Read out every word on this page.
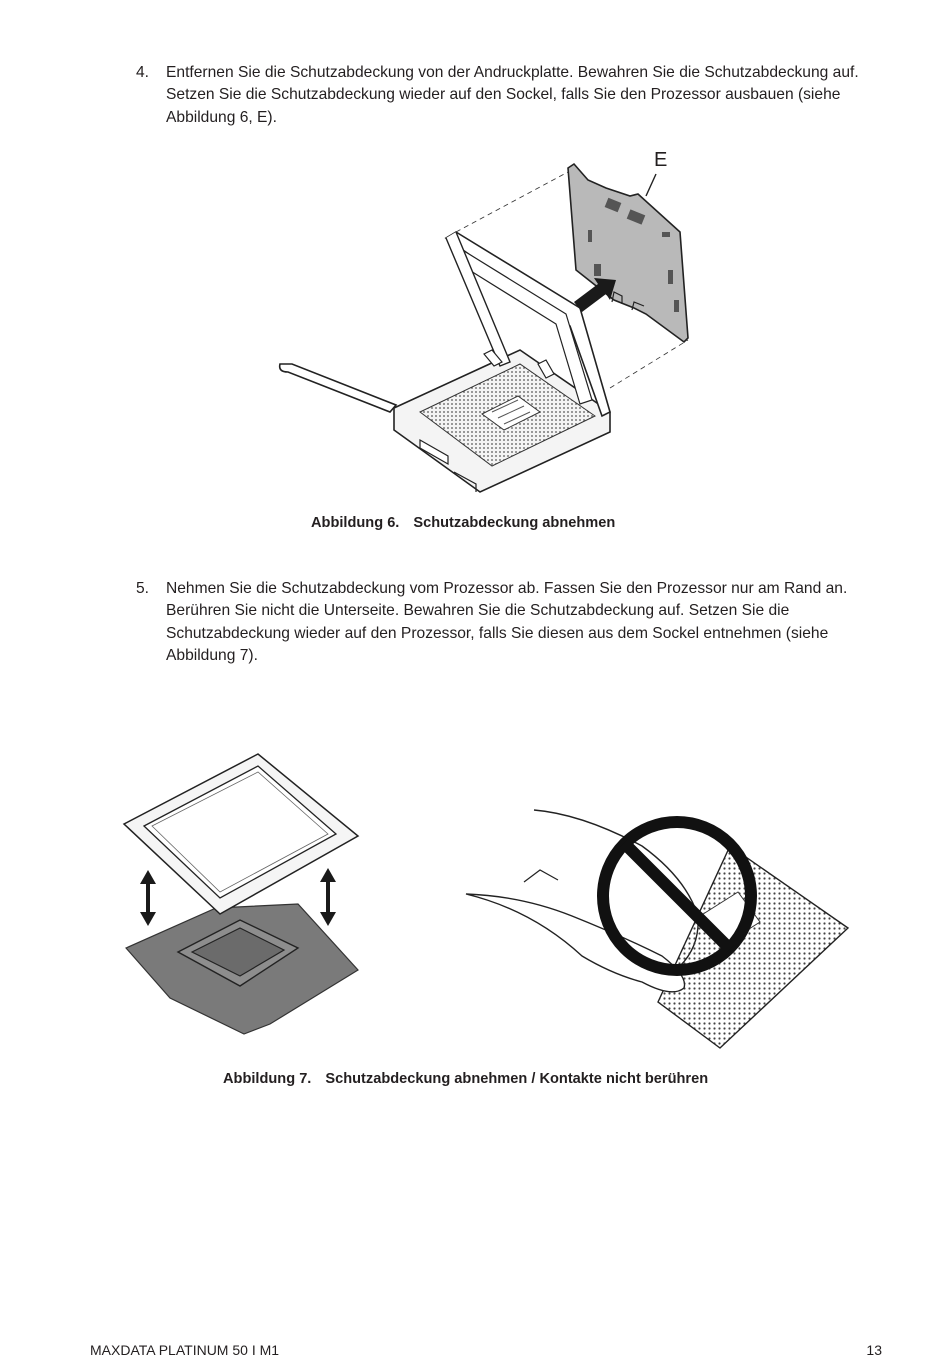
4. Entfernen Sie die Schutzabdeckung von der Andruckplatte. Bewahren Sie die Schutzabdeckung auf. Setzen Sie die Schutzabdeckung wieder auf den Sockel, falls Sie den Prozessor ausbauen (siehe Abbildung 6, E).
E
Abbildung 6. Schutzabdeckung abnehmen
5. Nehmen Sie die Schutzabdeckung vom Prozessor ab. Fassen Sie den Prozessor nur am Rand an. Berühren Sie nicht die Unterseite. Bewahren Sie die Schutzabdeckung auf. Setzen Sie die Schutzabdeckung wieder auf den Prozessor, falls Sie diesen aus dem Sockel entnehmen (siehe Abbildung 7).
Abbildung 7. Schutzabdeckung abnehmen / Kontakte nicht berühren
MAXDATA PLATINUM 50 I M1	13
